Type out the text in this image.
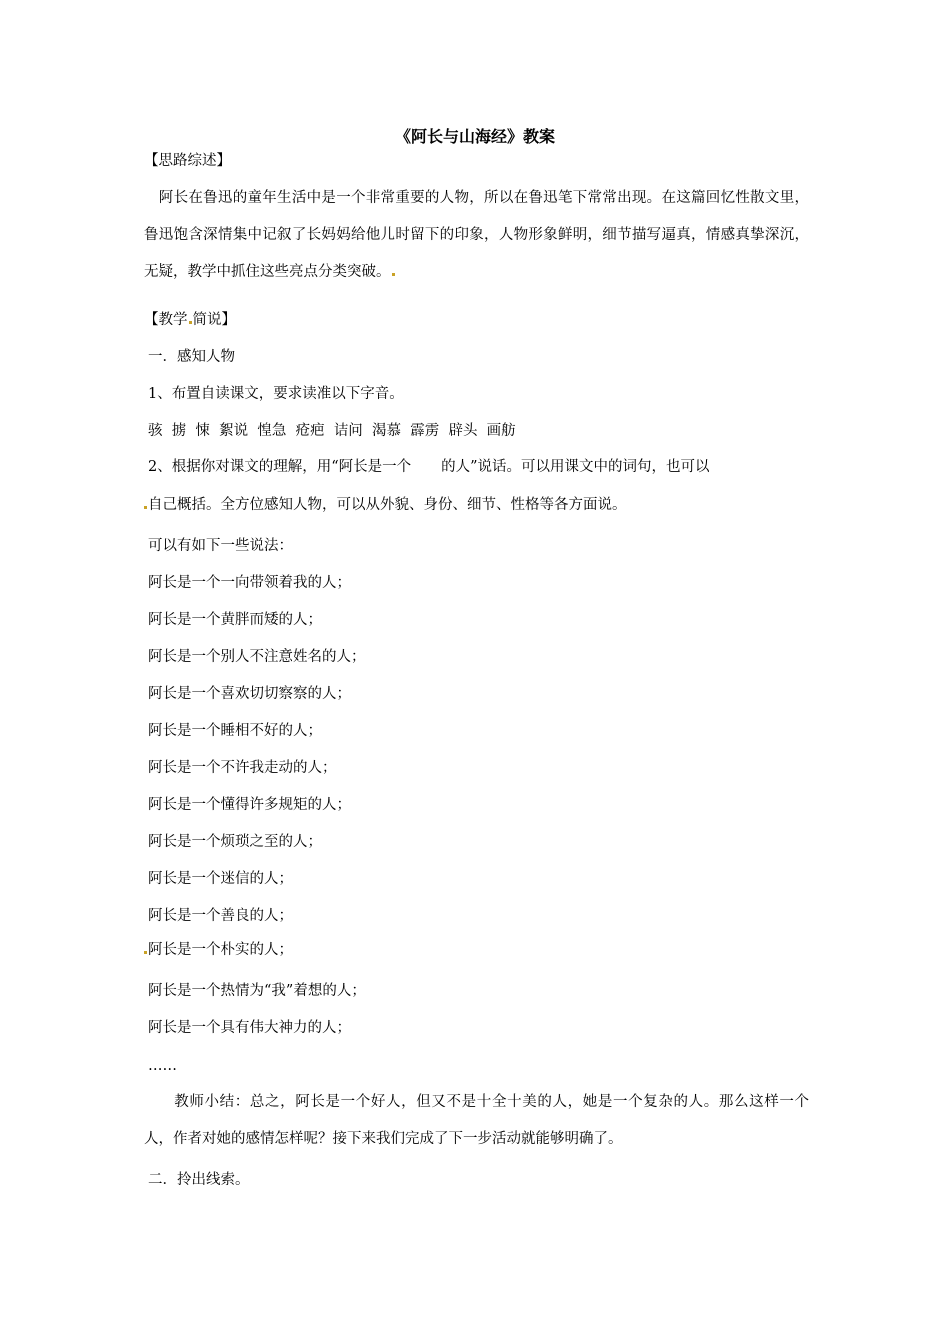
《阿长与山海经》教案
【思路综述】
　阿长在鲁迅的童年生活中是一个非常重要的人物，所以在鲁迅笔下常常出现。在这篇回忆性散文里，鲁迅饱含深情集中记叙了长妈妈给他儿时留下的印象，人物形象鲜明，细节描写逼真，情感真挚深沉，无疑，教学中抓住这些亮点分类突破。
【教学 简说】
一．感知人物
1、布置自读课文，要求读准以下字音。
骇  掳  悚  絮说  惶急  疮疤  诘问  渴慕  霹雳  辟头  画舫
2、根据你对课文的理解，用“阿长是一个 的人”说话。可以用课文中的词句，也可以
自己概括。全方位感知人物，可以从外貌、身份、细节、性格等各方面说。
可以有如下一些说法：
阿长是一个一向带领着我的人；
阿长是一个黄胖而矮的人；
阿长是一个别人不注意姓名的人；
阿长是一个喜欢切切察察的人；
阿长是一个睡相不好的人；
阿长是一个不许我走动的人；
阿长是一个懂得许多规矩的人；
阿长是一个烦琐之至的人；
阿长是一个迷信的人；
阿长是一个善良的人；
阿长是一个朴实的人；
阿长是一个热情为“我”着想的人；
阿长是一个具有伟大神力的人；
……
　　教师小结：总之，阿长是一个好人，但又不是十全十美的人，她是一个复杂的人。那么这样一个人，作者对她的感情怎样呢？接下来我们完成了下一步活动就能够明确了。
二．拎出线索。
